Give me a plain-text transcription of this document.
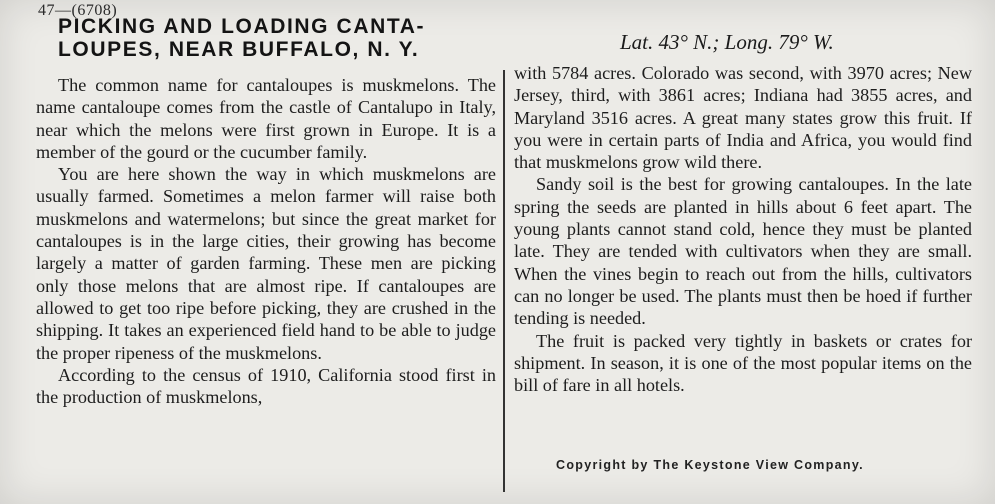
47—(6708)
PICKING AND LOADING CANTA-
LOUPES, NEAR BUFFALO, N. Y.	Lat. 43° N.; Long. 79° W.

The common name for cantaloupes is muskmelons. The name cantaloupe comes from the castle of Cantalupo in Italy, near which the melons were first grown in Europe. It is a member of the gourd or the cucumber family.

You are here shown the way in which muskmelons are usually farmed. Sometimes a melon farmer will raise both muskmelons and watermelons; but since the great market for cantaloupes is in the large cities, their growing has become largely a matter of garden farming. These men are picking only those melons that are almost ripe. If cantaloupes are allowed to get too ripe before picking, they are crushed in the shipping. It takes an experienced field hand to be able to judge the proper ripeness of the muskmelons.

According to the census of 1910, California stood first in the production of muskmelons,

with 5784 acres. Colorado was second, with 3970 acres; New Jersey, third, with 3861 acres; Indiana had 3855 acres, and Maryland 3516 acres. A great many states grow this fruit. If you were in certain parts of India and Africa, you would find that muskmelons grow wild there.

Sandy soil is the best for growing cantaloupes. In the late spring the seeds are planted in hills about 6 feet apart. The young plants cannot stand cold, hence they must be planted late. They are tended with cultivators when they are small. When the vines begin to reach out from the hills, cultivators can no longer be used. The plants must then be hoed if further tending is needed.

The fruit is packed very tightly in baskets or crates for shipment. In season, it is one of the most popular items on the bill of fare in all hotels.

Copyright by The Keystone View Company.
